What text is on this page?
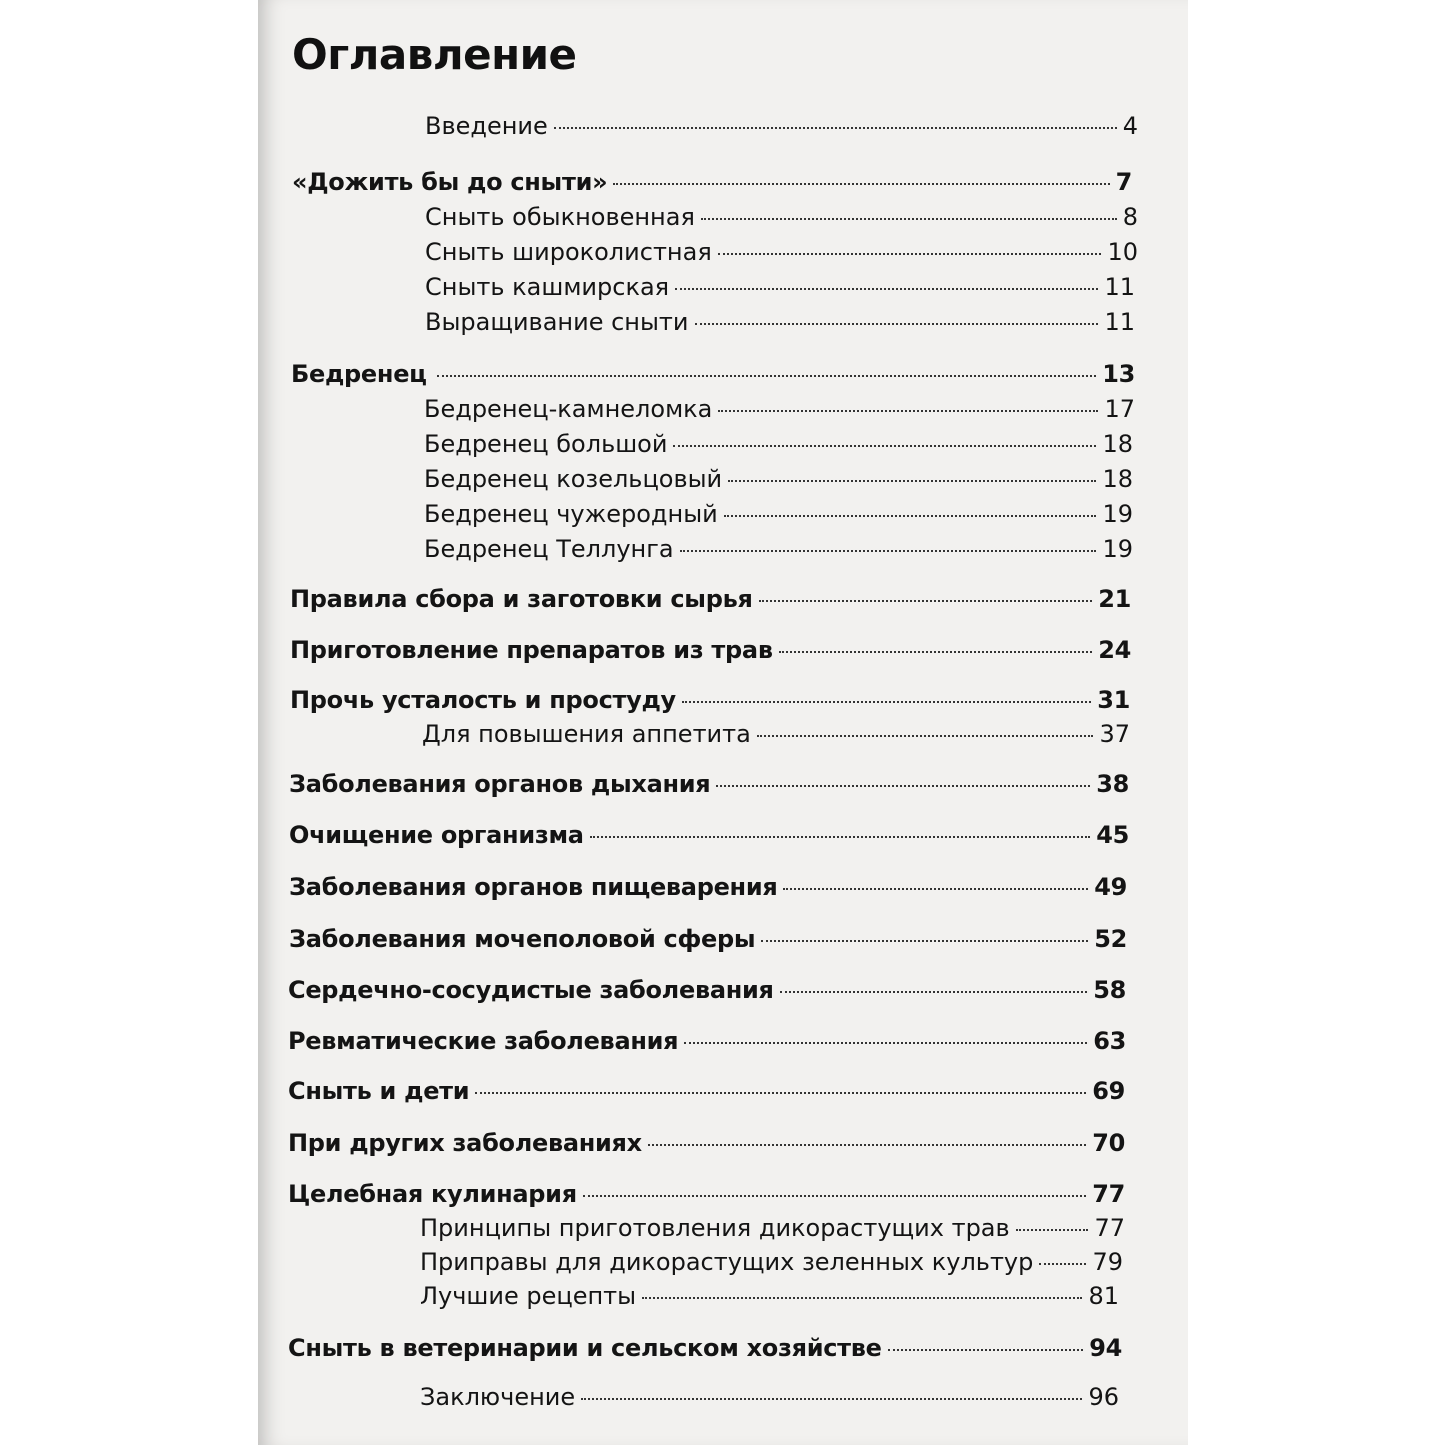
Оглавление
Введение	4
«Дожить бы до сныти»	7
Сныть обыкновенная	8
Сныть широколистная	10
Сныть кашмирская	11
Выращивание сныти	11
Бедренец	13
Бедренец-камнеломка	17
Бедренец большой	18
Бедренец козельцовый	18
Бедренец чужеродный	19
Бедренец Теллунга	19
Правила сбора и заготовки сырья	21
Приготовление препаратов из трав	24
Прочь усталость и простуду	31
Для повышения аппетита	37
Заболевания органов дыхания	38
Очищение организма	45
Заболевания органов пищеварения	49
Заболевания мочеполовой сферы	52
Сердечно-сосудистые заболевания	58
Ревматические заболевания	63
Сныть и дети	69
При других заболеваниях	70
Целебная кулинария	77
Принципы приготовления дикорастущих трав	77
Приправы для дикорастущих зеленных культур 79
Лучшие рецепты	81
Сныть в ветеринарии и сельском хозяйстве	94
Заключение	96
